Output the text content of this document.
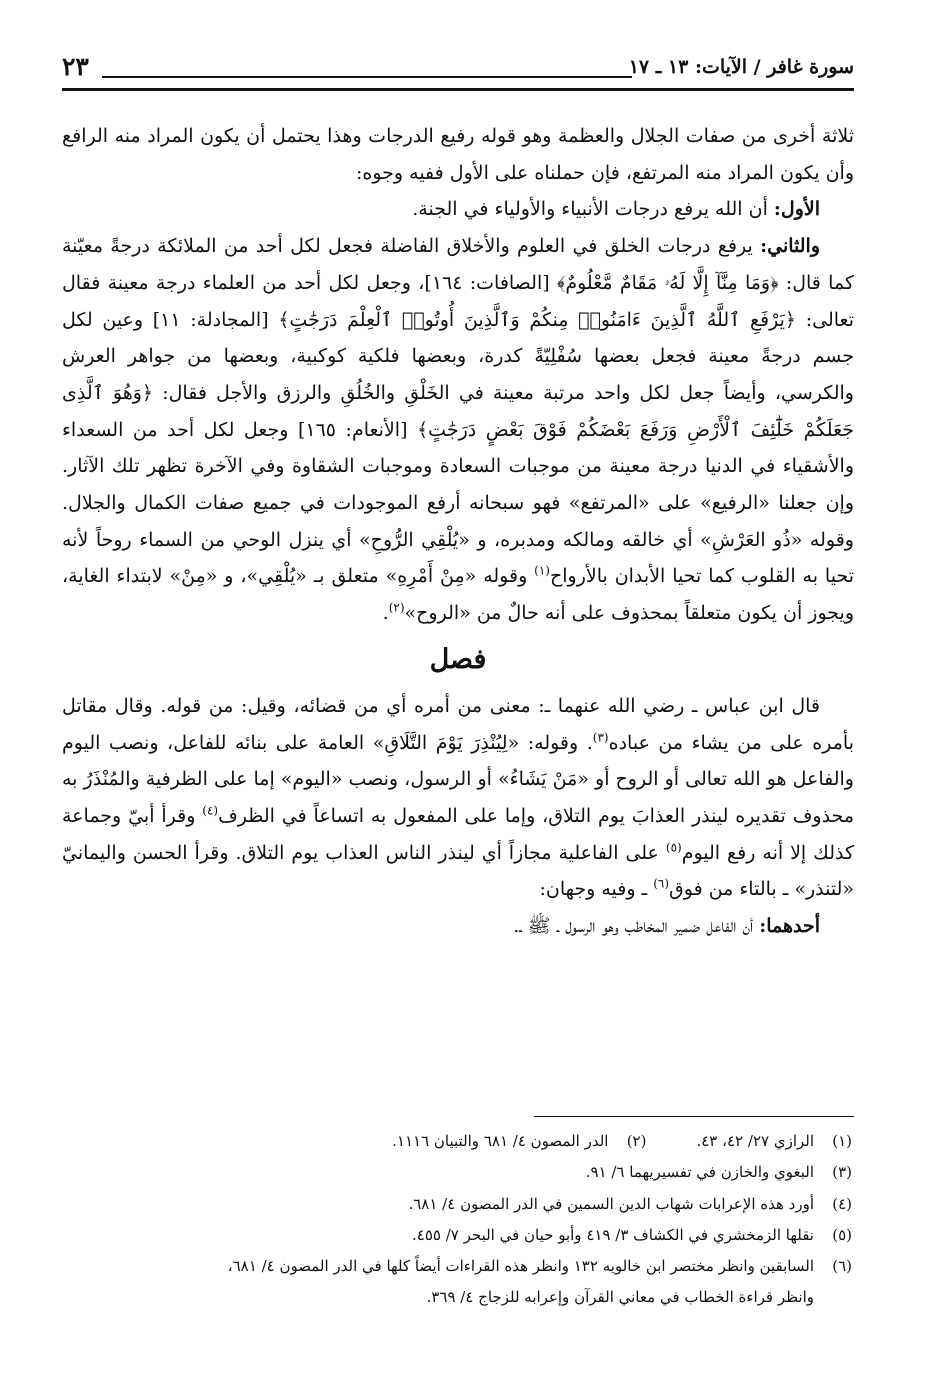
٢٣	سورة غافر / الآيات: ١٣ ـ ١٧

ثلاثة أخرى من صفات الجلال والعظمة وهو قوله رفيع الدرجات وهذا يحتمل أن يكون المراد منه الرافع وأن يكون المراد منه المرتفع، فإن حملناه على الأول ففيه وجوه:

الأول: أن الله يرفع درجات الأنبياء والأولياء في الجنة.

والثاني: يرفع درجات الخلق في العلوم والأخلاق الفاضلة فجعل لكل أحد من الملائكة درجةً معيّنة كما قال: ﴿وَمَا مِنَّآ إِلَّا لَهُۥ مَقَامٌ مَّعْلُومٌ﴾ [الصافات: ١٦٤]، وجعل لكل أحد من العلماء درجة معينة فقال تعالى: ﴿يَرْفَعِ ٱللَّهُ ٱلَّذِينَ ءَامَنُوا۟ مِنكُمْ وَٱلَّذِينَ أُوتُوا۟ ٱلْعِلْمَ دَرَجَٰتٍ﴾ [المجادلة: ١١] وعين لكل جسم درجةً معينة فجعل بعضها سُفْلِيّةً كدرة، وبعضها فلكية كوكبية، وبعضها من جواهر العرش والكرسي، وأيضاً جعل لكل واحد مرتبة معينة في الخَلْقِ والخُلُقِ والرزق والأجل فقال: ﴿وَهُوَ ٱلَّذِى جَعَلَكُمْ خَلَٰٓئِفَ ٱلْأَرْضِ وَرَفَعَ بَعْضَكُمْ فَوْقَ بَعْضٍ دَرَجَٰتٍ﴾ [الأنعام: ١٦٥] وجعل لكل أحد من السعداء والأشقياء في الدنيا درجة معينة من موجبات السعادة وموجبات الشقاوة وفي الآخرة تظهر تلك الآثار. وإن جعلنا «الرفيع» على «المرتفع» فهو سبحانه أرفع الموجودات في جميع صفات الكمال والجلال. وقوله «ذُو العَرْشِ» أي خالقه ومالكه ومدبره، و «يُلْقِي الرُّوحِ» أي ينزل الوحي من السماء روحاً لأنه تحيا به القلوب كما تحيا الأبدان بالأرواح$^{(١)}$ وقوله «مِنْ أَمْرِهِ» متعلق بـ «يُلْقِي»، و «مِنْ» لابتداء الغاية، ويجوز أن يكون متعلقاً بمحذوف على أنه حالٌ من «الروح»$^{(٢)}$.

فصل

قال ابن عباس ـ رضي الله عنهما ـ: معنى من أمره أي من قضائه، وقيل: من قوله. وقال مقاتل بأمره على من يشاء من عباده$^{(٣)}$. وقوله: «لِيُنْذِرَ يَوْمَ التَّلَاقِ» العامة على بنائه للفاعل، ونصب اليوم والفاعل هو الله تعالى أو الروح أو «مَنْ يَشَاءُ» أو الرسول، ونصب «اليوم» إما على الظرفية والمُنْذَرُ به محذوف تقديره لينذر العذابَ يوم التلاق، وإما على المفعول به اتساعاً في الظرف$^{(٤)}$ وقرأ أبيّ وجماعة كذلك إلا أنه رفع اليوم$^{(٥)}$ على الفاعلية مجازاً أي لينذر الناس العذاب يوم التلاق. وقرأ الحسن واليمانيّ «لتنذر» ـ بالتاء من فوق$^{(٦)}$ ـ وفيه وجهان:

أحدهما: أن الفاعل ضمير المخاطب وهو الرسول ـ ﷺ ـ.

(١)الرازي ٢٧/ ٤٢، ٤٣.(٢)الدر المصون ٤/ ٦٨١ والتبيان ١١١٦.

(٣)البغوي والخازن في تفسيريهما ٦/ ٩١.

(٤)أورد هذه الإعرابات شهاب الدين السمين في الدر المصون ٤/ ٦٨١.

(٥)نقلها الزمخشري في الكشاف ٣/ ٤١٩ وأبو حيان في البحر ٧/ ٤٥٥.

(٦)السابقين وانظر مختصر ابن خالويه ١٣٢ وانظر هذه القراءات أيضاً كلها في الدر المصون ٤/ ٦٨١،

وانظر قراءة الخطاب في معاني القرآن وإعرابه للزجاج ٤/ ٣٦٩.
